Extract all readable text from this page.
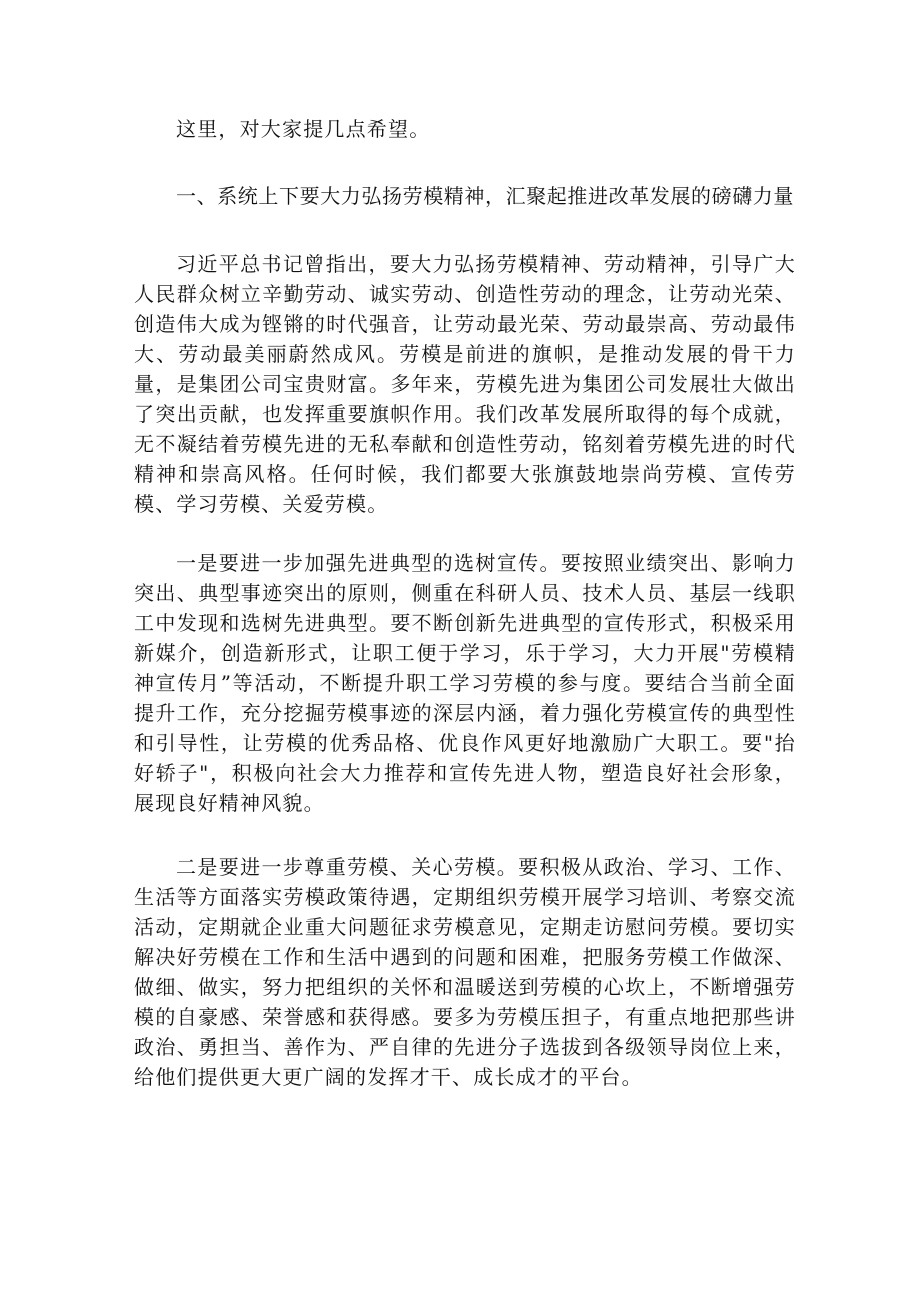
这里，对大家提几点希望。

一、系统上下要大力弘扬劳模精神，汇聚起推进改革发展的磅礴力量

习近平总书记曾指出，要大力弘扬劳模精神、劳动精神，引导广大人民群众树立辛勤劳动、诚实劳动、创造性劳动的理念，让劳动光荣、创造伟大成为铿锵的时代强音，让劳动最光荣、劳动最崇高、劳动最伟大、劳动最美丽蔚然成风。劳模是前进的旗帜，是推动发展的骨干力量，是集团公司宝贵财富。多年来，劳模先进为集团公司发展壮大做出了突出贡献，也发挥重要旗帜作用。我们改革发展所取得的每个成就，无不凝结着劳模先进的无私奉献和创造性劳动，铭刻着劳模先进的时代精神和崇高风格。任何时候，我们都要大张旗鼓地崇尚劳模、宣传劳模、学习劳模、关爱劳模。

一是要进一步加强先进典型的选树宣传。要按照业绩突出、影响力突出、典型事迹突出的原则，侧重在科研人员、技术人员、基层一线职工中发现和选树先进典型。要不断创新先进典型的宣传形式，积极采用新媒介，创造新形式，让职工便于学习，乐于学习，大力开展"劳模精神宣传月”等活动，不断提升职工学习劳模的参与度。要结合当前全面提升工作，充分挖掘劳模事迹的深层内涵，着力强化劳模宣传的典型性和引导性，让劳模的优秀品格、优良作风更好地激励广大职工。要"抬好轿子"，积极向社会大力推荐和宣传先进人物，塑造良好社会形象，展现良好精神风貌。

二是要进一步尊重劳模、关心劳模。要积极从政治、学习、工作、生活等方面落实劳模政策待遇，定期组织劳模开展学习培训、考察交流活动，定期就企业重大问题征求劳模意见，定期走访慰问劳模。要切实解决好劳模在工作和生活中遇到的问题和困难，把服务劳模工作做深、做细、做实，努力把组织的关怀和温暖送到劳模的心坎上，不断增强劳模的自豪感、荣誉感和获得感。要多为劳模压担子，有重点地把那些讲政治、勇担当、善作为、严自律的先进分子选拔到各级领导岗位上来，给他们提供更大更广阔的发挥才干、成长成才的平台。
